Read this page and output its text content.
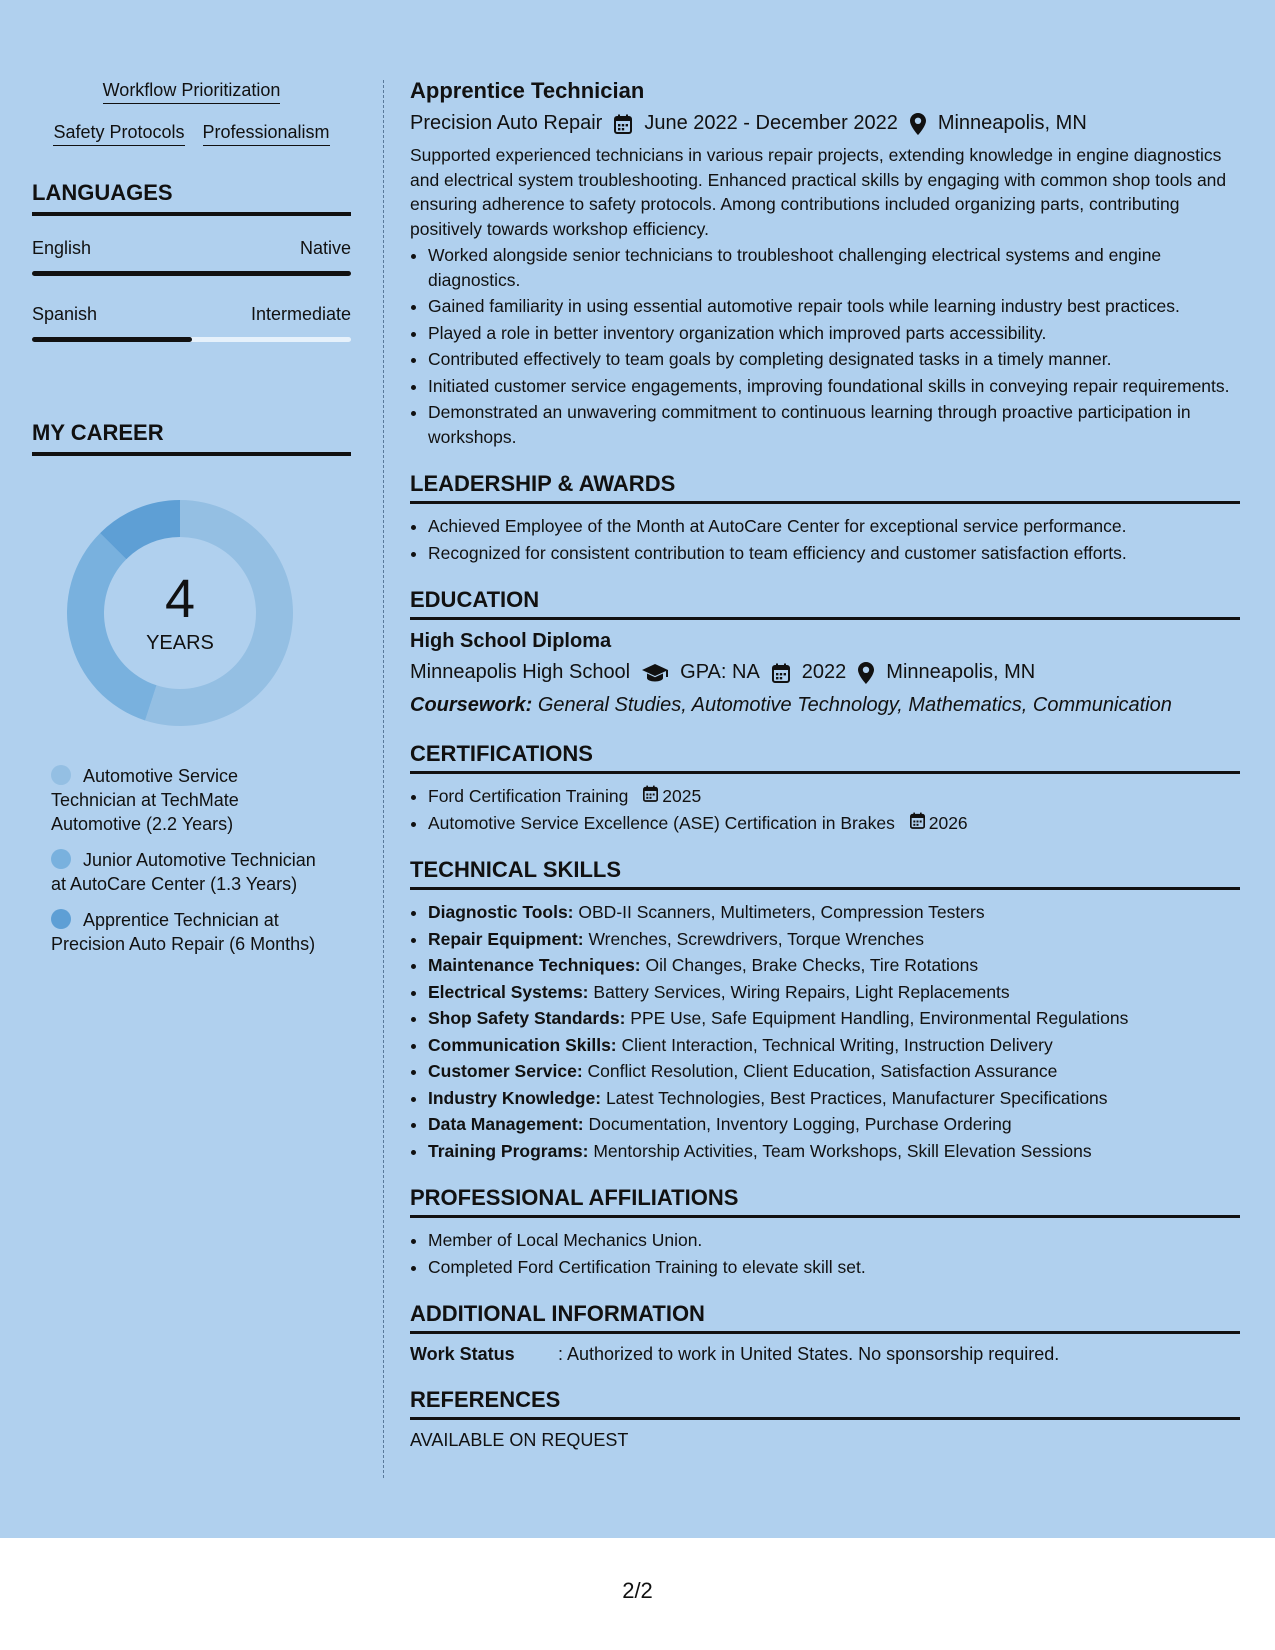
Workflow Prioritization
Safety Protocols Professionalism
LANGUAGES
English	Native
Spanish	Intermediate
MY CAREER
4
YEARS
Automotive Service Technician at TechMate Automotive (2.2 Years)
Junior Automotive Technician at AutoCare Center (1.3 Years)
Apprentice Technician at Precision Auto Repair (6 Months)
Apprentice Technician
Precision Auto Repair June 2022 - December 2022 Minneapolis, MN
Supported experienced technicians in various repair projects, extending knowledge in engine diagnostics and electrical system troubleshooting. Enhanced practical skills by engaging with common shop tools and ensuring adherence to safety protocols. Among contributions included organizing parts, contributing positively towards workshop efficiency.
• Worked alongside senior technicians to troubleshoot challenging electrical systems and engine diagnostics.
• Gained familiarity in using essential automotive repair tools while learning industry best practices.
• Played a role in better inventory organization which improved parts accessibility.
• Contributed effectively to team goals by completing designated tasks in a timely manner.
• Initiated customer service engagements, improving foundational skills in conveying repair requirements.
• Demonstrated an unwavering commitment to continuous learning through proactive participation in workshops.
LEADERSHIP & AWARDS
• Achieved Employee of the Month at AutoCare Center for exceptional service performance.
• Recognized for consistent contribution to team efficiency and customer satisfaction efforts.
EDUCATION
High School Diploma
Minneapolis High School	GPA: NA 2022 Minneapolis, MN
Coursework: General Studies, Automotive Technology, Mathematics, Communication
CERTIFICATIONS
• Ford Certification Training 2025
• Automotive Service Excellence (ASE) Certification in Brakes 2026
TECHNICAL SKILLS
• Diagnostic Tools: OBD-II Scanners, Multimeters, Compression Testers
• Repair Equipment: Wrenches, Screwdrivers, Torque Wrenches
• Maintenance Techniques: Oil Changes, Brake Checks, Tire Rotations
• Electrical Systems: Battery Services, Wiring Repairs, Light Replacements
• Shop Safety Standards: PPE Use, Safe Equipment Handling, Environmental Regulations
• Communication Skills: Client Interaction, Technical Writing, Instruction Delivery
• Customer Service: Conflict Resolution, Client Education, Satisfaction Assurance
• Industry Knowledge: Latest Technologies, Best Practices, Manufacturer Specifications
• Data Management: Documentation, Inventory Logging, Purchase Ordering
• Training Programs: Mentorship Activities, Team Workshops, Skill Elevation Sessions
PROFESSIONAL AFFILIATIONS
• Member of Local Mechanics Union.
• Completed Ford Certification Training to elevate skill set.
ADDITIONAL INFORMATION
Work Status	: Authorized to work in United States. No sponsorship required.
REFERENCES
AVAILABLE ON REQUEST
2/2
